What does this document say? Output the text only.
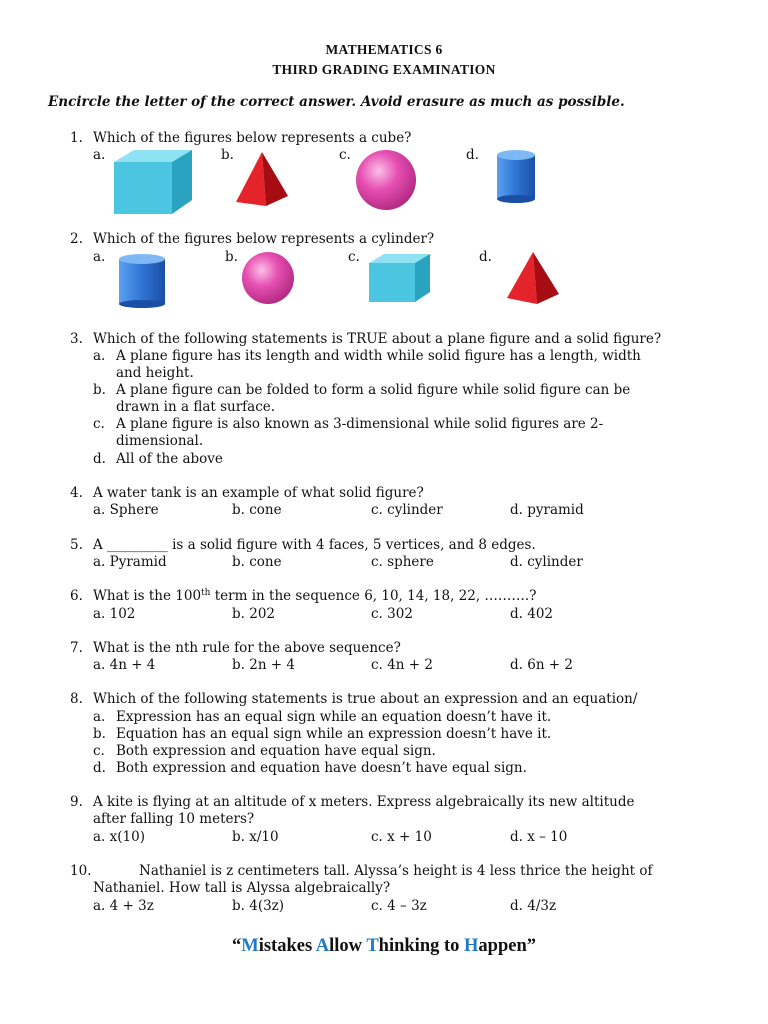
MATHEMATICS 6
THIRD GRADING EXAMINATION
Encircle the letter of the correct answer. Avoid erasure as much as possible.
1. Which of the figures below represents a cube?
a.	b.	c.	d.
2. Which of the figures below represents a cylinder?
a.	b.	c.	d.
3. Which of the following statements is TRUE about a plane figure and a solid figure?
a. A plane figure has its length and width while solid figure has a length, width
and height.
b. A plane figure can be folded to form a solid figure while solid figure can be
drawn in a flat surface.
c. A plane figure is also known as 3-dimensional while solid figures are 2-
dimensional.
d. All of the above
4. A water tank is an example of what solid figure?
a. Sphere	b. cone	c. cylinder	d. pyramid
5. A _________ is a solid figure with 4 faces, 5 vertices, and 8 edges.
a. Pyramid	b. cone	c. sphere	d. cylinder
6. What is the 100th term in the sequence 6, 10, 14, 18, 22, ……….?
a. 102	b. 202	c. 302	d. 402
7. What is the nth rule for the above sequence?
a. 4n + 4	b. 2n + 4	c. 4n + 2	d. 6n + 2
8. Which of the following statements is true about an expression and an equation/
a. Expression has an equal sign while an equation doesn’t have it.
b. Equation has an equal sign while an expression doesn’t have it.
c. Both expression and equation have equal sign.
d. Both expression and equation have doesn’t have equal sign.
9. A kite is flying at an altitude of x meters. Express algebraically its new altitude
after falling 10 meters?
a. x(10)	b. x/10	c. x + 10	d. x – 10
10.	Nathaniel is z centimeters tall. Alyssa’s height is 4 less thrice the height of
Nathaniel. How tall is Alyssa algebraically?
a. 4 + 3z	b. 4(3z)	c. 4 – 3z	d. 4/3z
“Mistakes Allow Thinking to Happen”
